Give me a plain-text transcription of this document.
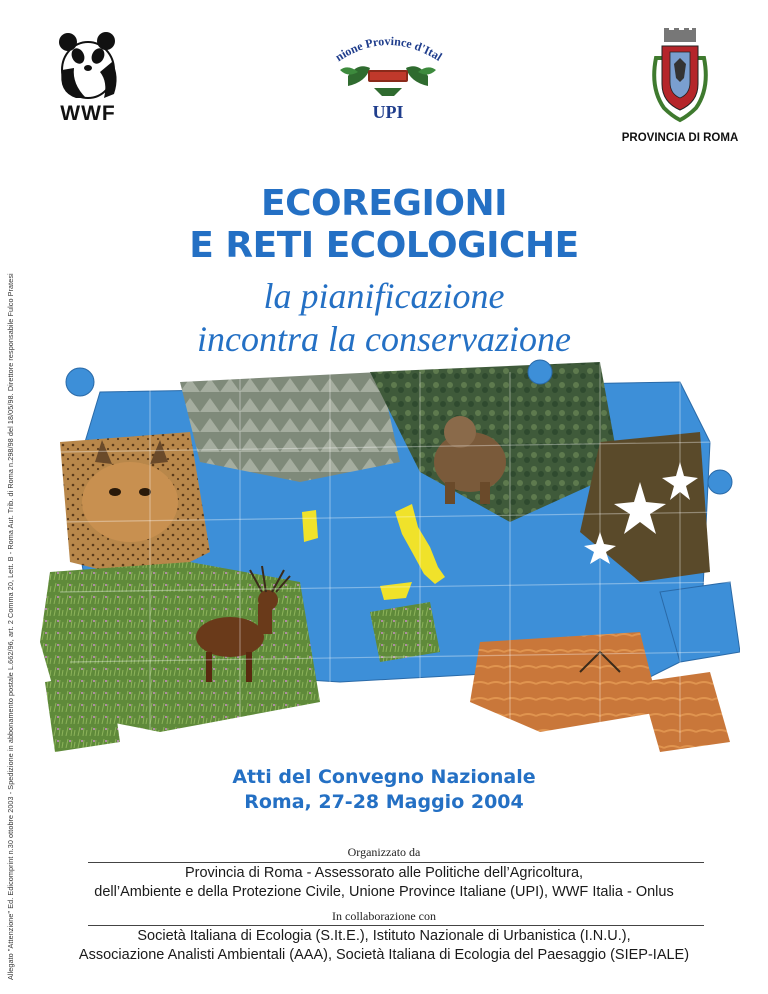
Allegato "Attenzione" Ed. Edicomprint n.30 ottobre 2003 - Spedizione in abbonamento postale L.662/96, art. 2 Comma 20, Lett. B - Roma Aut. Trib. di Roma n.298/98 del 18/05/98. Direttore responsabile Fulco Pratesi
WWF
nione Province d'Ital
UPI
PROVINCIA DI ROMA
ECOREGIONI
E RETI ECOLOGICHE
la pianificazione
incontra la conservazione
Atti del Convegno Nazionale
Roma, 27-28 Maggio 2004
Organizzato da
Provincia di Roma - Assessorato alle Politiche dell’Agricoltura,
dell’Ambiente e della Protezione Civile, Unione Province Italiane (UPI), WWF Italia - Onlus
In collaborazione con
Società Italiana di Ecologia (S.It.E.), Istituto Nazionale di Urbanistica (I.N.U.),
Associazione Analisti Ambientali (AAA), Società Italiana di Ecologia del Paesaggio (SIEP-IALE)
